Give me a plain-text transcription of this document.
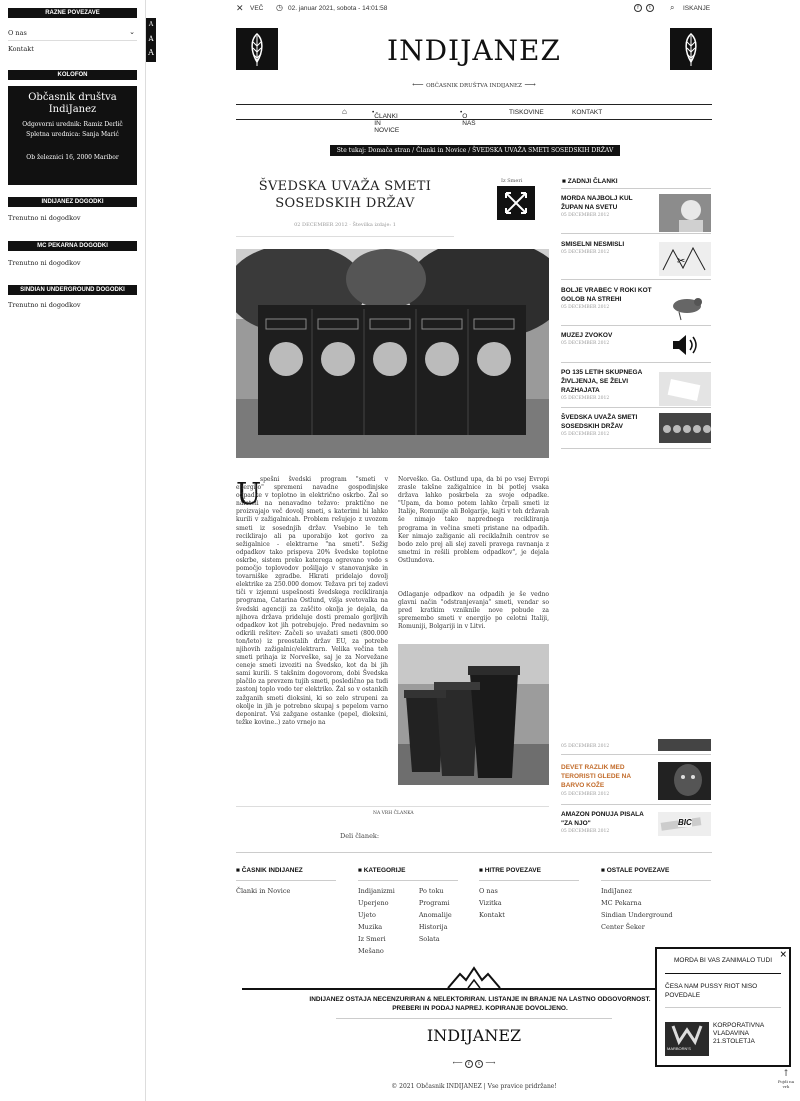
RAZNE POVEZAVE
O nas	⌄
Kontakt
KOLOFON
Občasnik društva IndiJanez
Odgovorni urednik: Ramiz Derlič
Spletna urednica: Sanja Marić
Ob železnici 16, 2000 Maribor
INDIJANEZ DOGODKI
Trenutno ni dogodkov
MC PEKARNA DOGODKI
Trenutno ni dogodkov
SINDIAN UNDERGROUND DOGODKI
Trenutno ni dogodkov
A
A
A
✕ VEČ ◷ 02. januar 2021, sobota - 14:01:58	f	t	⌕ ISKANJE
INDIJANEZ
⟵ OBČASNIK DRUŠTVA INDIJANEZ ⟶
⌂	•
ČLANKI IN NOVICE
•
O NAS
TISKOVINE	KONTAKT
Ste tukaj: Domača stran / Članki in Novice / ŠVEDSKA UVAŽA SMETI SOSEDSKIH DRŽAV
ŠVEDSKA UVAŽA SMETI SOSEDSKIH DRŽAV
02 DECEMBER 2012 · Številka izdaje: 1
Iz Smeri
U
spešni švedski program "smeti v energijo" spremeni navadne gospodinjske odpadke v toplotno in električno oskrbo. Žal so naleteli na nenavadno težavo: praktično ne proizvajajo več dovolj smeti, s katerimi bi lahko kurili v zažigalnicah. Problem rešujejo z uvozom smeti iz sosednjih držav. Vsebino le teh reciklirajo ali pa uporabijo kot gorivo za sežigalnice - elektrarne "na smeti". Sežig odpadkov tako prispeva 20% švedske toplotne oskrbe, sistem preko katerega ogrevano vodo s pomočjo toplovodov pošiljajo v stanovanjske in tovarniške zgradbe. Hkrati pridelajo dovolj elektrike za 250.000 domov. Težava pri tej zadevi tiči v izjemni uspešnosti švedskega recikliranja programa, Catarina Ostlund, višja svetovalka na švedski agenciji za zaščito okolja je dejala, da njihova država prideluje dosti premalo gorljivih odpadkov kot jih potrebujejo. Pred nedavnim so odkrili rešitev: Začeli so uvažati smeti (800.000 ton/leto) iz preostalih držav EU, za potrebe njihovih zažigalnic/elektrarn. Velika večina teh smeti prihaja iz Norveške, saj je za Norvežane ceneje smeti izvoziti na Švedsko, kot da bi jih sami kurili. S takšnim dogovorom, dobi Švedska plačilo za prevzem tujih smeti, posledično pa tudi zastonj toplo vodo ter elektriko. Žal so v ostankih zažganih smeti dioksini, ki so zelo strupeni za okolje in jih je potrebno skupaj s pepelom varno deponirat. Vsi zažgane ostanke (pepel, dioksini, težke kovine..) zato vrnejo na
Norveško. Ga. Ostlund upa, da bi po vsej Evropi zrasle takšne zažigalnice in bi potlej vsaka država lahko poskrbela za svoje odpadke. "Upam, da bomo potem lahko črpali smeti iz Italije, Romunije ali Bolgarije, kajti v teh državah še nimajo tako naprednega recikliranja programa in večina smeti pristane na odpadih. Ker nimajo zažiganic ali reciklažnih centrov se bodo zelo prej ali slej zaveli pravega ravnanja z smetmi in rešili problem odpadkov", je dejala Ostlundova.
Odlaganje odpadkov na odpadih je še vedno glavni način "odstranjevanja" smeti, vendar so pred kratkim vzniknile nove pobude za spremembo smeti v energijo po celotni Italiji, Romuniji, Bolgariji in v Litvi.
NA VRH ČLANKA
Deli članek:
■ ZADNJI ČLANKI
MORDA NAJBOLJ KUL ŽUPAN NA SVETU
05 DECEMBER 2012
SMISELNI NESMISLI
05 DECEMBER 2012
✂
BOLJE VRABEC V ROKI KOT GOLOB NA STREHI
05 DECEMBER 2012
MUZEJ ZVOKOV
05 DECEMBER 2012
PO 135 LETIH SKUPNEGA ŽIVLJENJA, SE ŽELVI RAZHAJATA
05 DECEMBER 2012
ŠVEDSKA UVAŽA SMETI SOSEDSKIH DRŽAV
05 DECEMBER 2012
05 DECEMBER 2012
DEVET RAZLIK MED TERORISTI GLEDE NA BARVO KOŽE
05 DECEMBER 2012
AMAZON PONUJA PISALA "ZA NJO"
05 DECEMBER 2012
BIC
■ ČASNIK INDIJANEZ
Članki in Novice
■ KATEGORIJE
Indijanizmi
Uperjeno
Ujeto
Muzika
Iz Smeri
Mešano
Po toku
Programi
Anomalije
Historija
Solata
■ HITRE POVEZAVE
O nas
Vizitka
Kontakt
■ OSTALE POVEZAVE
IndiJanez
MC Pekarna
Sindian Underground
Center Šeker
INDIJANEZ OSTAJA NECENZURIRAN & NELEKTORIRAN. LISTANJE IN BRANJE NA LASTNO ODGOVORNOST. PREBERI IN PODAJ NAPREJ. KOPIRANJE DOVOLJENO.
INDIJANEZ
⟵ f t ⟶
© 2021 Občasnik INDIJANEZ | Vse pravice pridržane!
×
MORDA BI VAS ZANIMALO TUDI
ČESA NAM PUSSY RIOT NISO POVEDALE
MARBORN'S
KORPORATIVNA VLADAVINA 21.STOLETJA
↑
Pojdi na vrh
